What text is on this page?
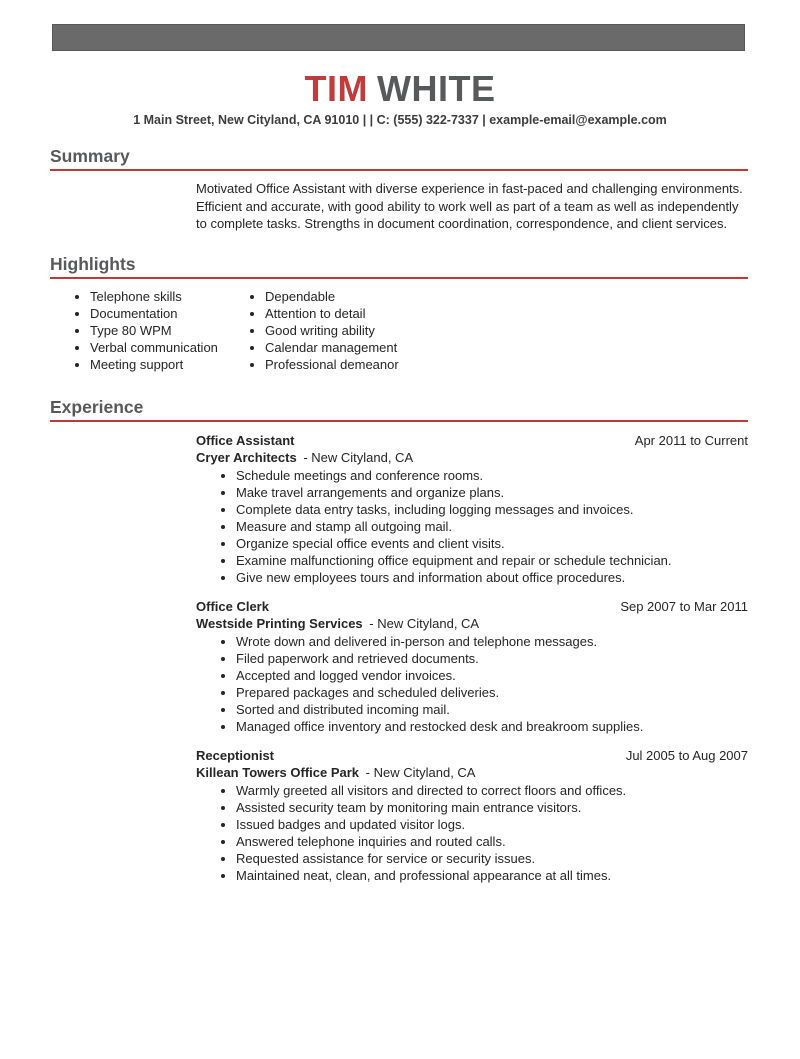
TIM WHITE
1 Main Street, New Cityland, CA 91010 | | C: (555) 322-7337 | example-email@example.com
Summary

Motivated Office Assistant with diverse experience in fast-paced and challenging environments. Efficient and accurate, with good ability to work well as part of a team as well as independently to complete tasks. Strengths in document coordination, correspondence, and client services.

Highlights
• Telephone skills
• Documentation
• Type 80 WPM
• Verbal communication
• Meeting support
• Dependable
• Attention to detail
• Good writing ability
• Calendar management
• Professional demeanor
Experience
Office Assistant	Apr 2011 to Current
Cryer Architects - New Cityland, CA
• Schedule meetings and conference rooms.
• Make travel arrangements and organize plans.
• Complete data entry tasks, including logging messages and invoices.
• Measure and stamp all outgoing mail.
• Organize special office events and client visits.
• Examine malfunctioning office equipment and repair or schedule technician.
• Give new employees tours and information about office procedures.
Office Clerk	Sep 2007 to Mar 2011
Westside Printing Services - New Cityland, CA
• Wrote down and delivered in-person and telephone messages.
• Filed paperwork and retrieved documents.
• Accepted and logged vendor invoices.
• Prepared packages and scheduled deliveries.
• Sorted and distributed incoming mail.
• Managed office inventory and restocked desk and breakroom supplies.
Receptionist	Jul 2005 to Aug 2007
Killean Towers Office Park - New Cityland, CA
• Warmly greeted all visitors and directed to correct floors and offices.
• Assisted security team by monitoring main entrance visitors.
• Issued badges and updated visitor logs.
• Answered telephone inquiries and routed calls.
• Requested assistance for service or security issues.
• Maintained neat, clean, and professional appearance at all times.
